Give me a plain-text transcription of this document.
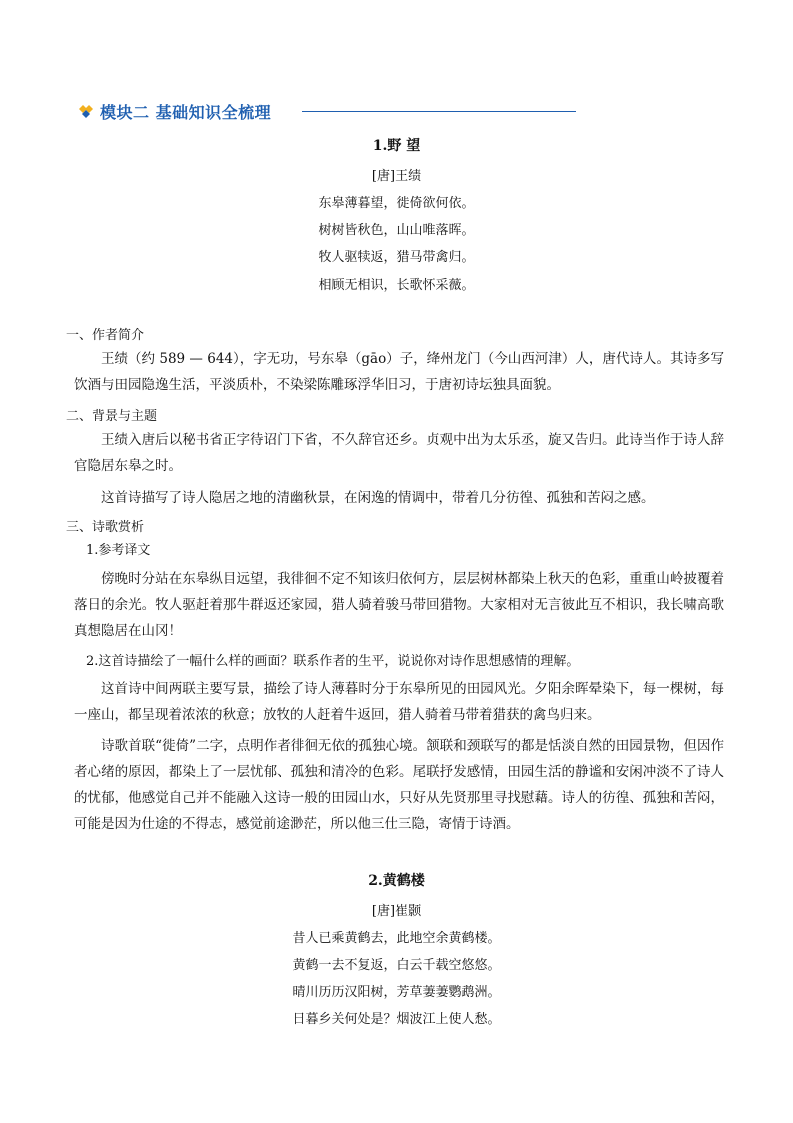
模块二 基础知识全梳理
1.野 望
[唐]王绩
东皋薄暮望，徙倚欲何依。
树树皆秋色，山山唯落晖。
牧人驱犊返，猎马带禽归。
相顾无相识，长歌怀采薇。
一、作者简介
王绩（约 589 — 644），字无功，号东皋（gāo）子，绛州龙门（今山西河津）人，唐代诗人。其诗多写饮酒与田园隐逸生活，平淡质朴，不染梁陈雕琢浮华旧习，于唐初诗坛独具面貌。
二、背景与主题
王绩入唐后以秘书省正字待诏门下省，不久辞官还乡。贞观中出为太乐丞，旋又告归。此诗当作于诗人辞官隐居东皋之时。
这首诗描写了诗人隐居之地的清幽秋景，在闲逸的情调中，带着几分彷徨、孤独和苦闷之感。
三、诗歌赏析
1.参考译文
傍晚时分站在东皋纵目远望，我徘徊不定不知该归依何方，层层树林都染上秋天的色彩，重重山岭披覆着落日的余光。牧人驱赶着那牛群返还家园，猎人骑着骏马带回猎物。大家相对无言彼此互不相识，我长啸高歌真想隐居在山冈！
2.这首诗描绘了一幅什么样的画面？联系作者的生平，说说你对诗作思想感情的理解。
这首诗中间两联主要写景，描绘了诗人薄暮时分于东皋所见的田园风光。夕阳余晖晕染下，每一棵树，每一座山，都呈现着浓浓的秋意；放牧的人赶着牛返回，猎人骑着马带着猎获的禽鸟归来。
诗歌首联“徙倚”二字，点明作者徘徊无依的孤独心境。颔联和颈联写的都是恬淡自然的田园景物，但因作者心绪的原因，都染上了一层忧郁、孤独和清冷的色彩。尾联抒发感情，田园生活的静谧和安闲冲淡不了诗人的忧郁，他感觉自己并不能融入这诗一般的田园山水，只好从先贤那里寻找慰藉。诗人的彷徨、孤独和苦闷，可能是因为仕途的不得志，感觉前途渺茫，所以他三仕三隐，寄情于诗酒。
2.黄鹤楼
[唐]崔颢
昔人已乘黄鹤去，此地空余黄鹤楼。
黄鹤一去不复返，白云千载空悠悠。
晴川历历汉阳树，芳草萋萋鹦鹉洲。
日暮乡关何处是？烟波江上使人愁。
